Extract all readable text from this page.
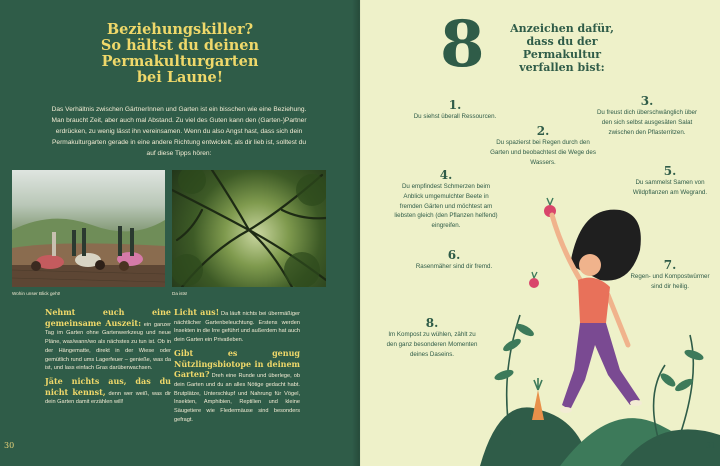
Beziehungskiller?
So hältst du deinen
Permakulturgarten
bei Laune!
Das Verhältnis zwischen GärtnerInnen und Garten ist ein bisschen wie eine Beziehung. Man braucht Zeit, aber auch mal Abstand. Zu viel des Guten kann den (Garten-)Partner erdrücken, zu wenig lässt ihn vereinsamen. Wenn du also Angst hast, dass sich dein Permakulturgarten gerade in eine andere Richtung entwickelt, als dir lieb ist, solltest du auf diese Tipps hören:
Wohin unser Blick geht!	Da ists!

Nehmt euch eine gemeinsame Auszeit: ein ganzer Tag im Garten ohne Gartenwerkzeug und neue Pläne, was/wann/wo als nächstes zu tun ist. Ob in der Hängematte, direkt in der Wiese oder gemütlich rund ums Lagerfeuer – genieße, was da ist, und lass einfach Gras darüberwachsen.

Jäte nichts aus, das du nicht kennst, denn wer weiß, was dir dein Garten damit erzählen will!

Licht aus! Da läuft nichts bei übermäßiger nächtlicher Gartenbeleuchtung. Erstens werden Insekten in die Irre geführt und außerdem hat auch dein Garten ein Privatleben.

Gibt es genug Nützlingsbiotope in deinem Garten? Dreh eine Runde und überlege, ob dein Garten und du an alles Nötige gedacht habt. Brutplätze, Unterschlupf und Nahrung für Vögel, Insekten, Amphibien, Reptilien und kleine Säugetiere wie Fledermäuse sind besonders gefragt.

30
8	Anzeichen dafür,
dass du der Permakultur
verfallen bist:
1.
Du siehst überall Ressourcen.
2.
Du spazierst bei Regen durch den Garten und beobachtest die Wege des Wassers.
3.
Du freust dich überschwänglich über den sich selbst ausgesäten Salat zwischen den Pflasterritzen.
4.
Du empfindest Schmerzen beim Anblick umgemulchter Beete in fremden Gärten und möchtest am liebsten gleich (den Pflanzen helfend) eingreifen.
5.
Du sammelst Samen von Wildpflanzen am Wegrand.
6.
Rasenmäher sind dir fremd.	7.
Regen- und Kompostwürmer sind dir heilig.
8.
Im Kompost zu wühlen, zählt zu den ganz besonderen Momenten deines Daseins.
31
